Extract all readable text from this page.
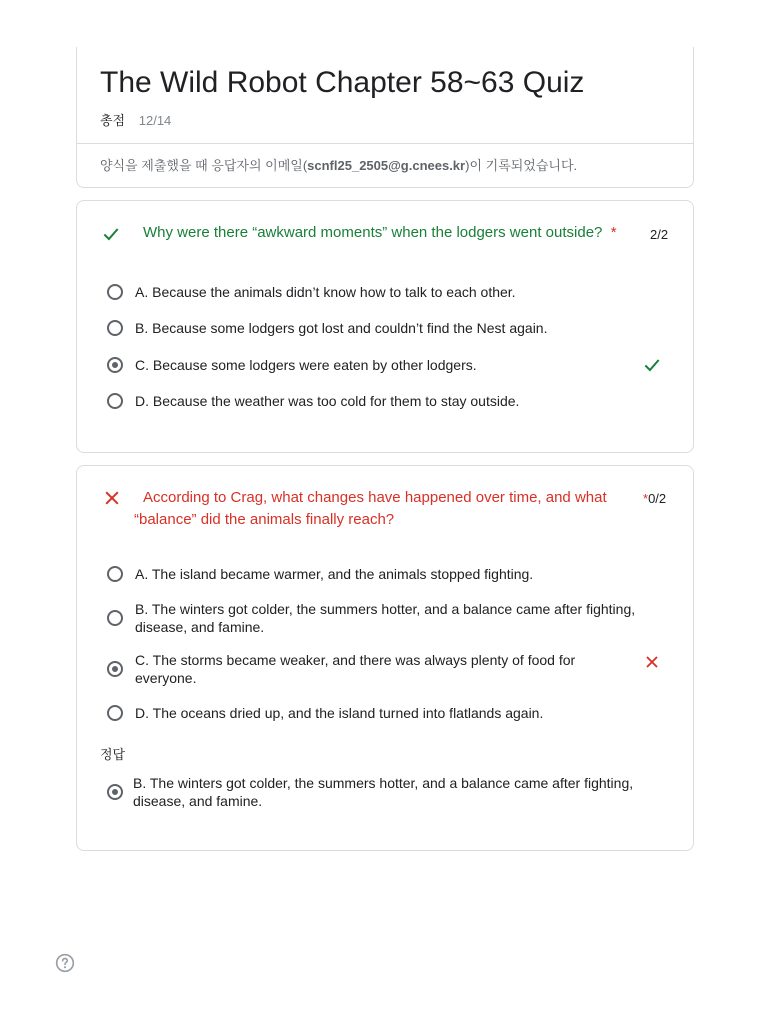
The Wild Robot Chapter 58~63 Quiz
총점 12/14
양식을 제출했을 때 응답자의 이메일(scnfl25_2505@g.cnees.kr)이 기록되었습니다.
Why were there “awkward moments” when the lodgers went outside? *	2/2
A. Because the animals didn’t know how to talk to each other.
B. Because some lodgers got lost and couldn’t find the Nest again.
C. Because some lodgers were eaten by other lodgers.
D. Because the weather was too cold for them to stay outside.
According to Crag, what changes have happened over time, and what “balance” did the animals finally reach?
*0/2
A. The island became warmer, and the animals stopped fighting.
B. The winters got colder, the summers hotter, and a balance came after fighting, disease, and famine.
C. The storms became weaker, and there was always plenty of food for everyone.
D. The oceans dried up, and the island turned into flatlands again.
정답
B. The winters got colder, the summers hotter, and a balance came after fighting, disease, and famine.
